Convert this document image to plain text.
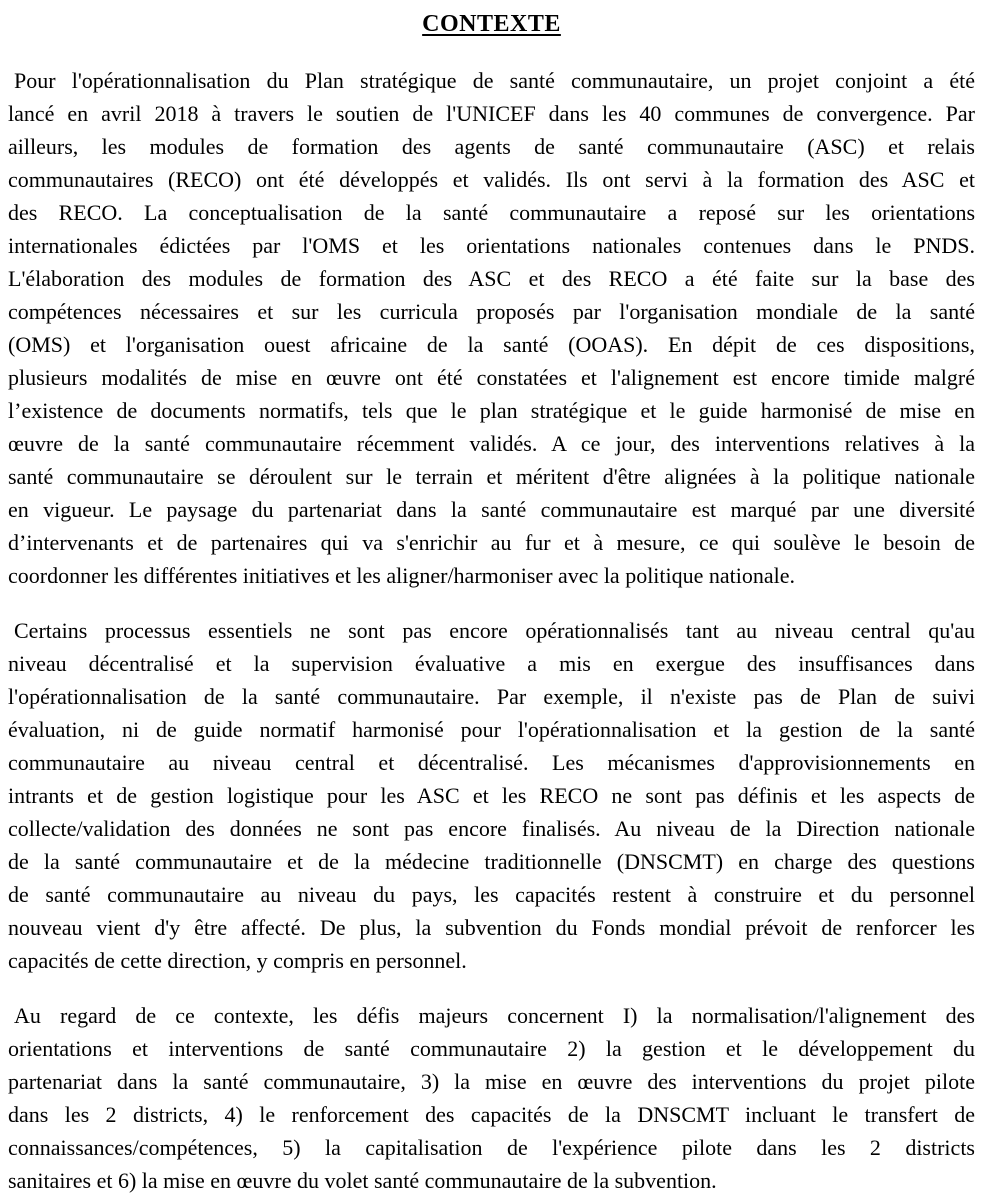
CONTEXTE
Pour l'opérationnalisation du Plan stratégique de santé communautaire, un projet conjoint a été
lancé en avril 2018 à travers le soutien de l'UNICEF dans les 40 communes de convergence. Par
ailleurs, les modules de formation des agents de santé communautaire (ASC) et relais
communautaires (RECO) ont été développés et validés. Ils ont servi à la formation des ASC et
des RECO. La conceptualisation de la santé communautaire a reposé sur les orientations
internationales édictées par l'OMS et les orientations nationales contenues dans le PNDS.
L'élaboration des modules de formation des ASC et des RECO a été faite sur la base des
compétences nécessaires et sur les curricula proposés par l'organisation mondiale de la santé
(OMS) et l'organisation ouest africaine de la santé (OOAS). En dépit de ces dispositions,
plusieurs modalités de mise en œuvre ont été constatées et l'alignement est encore timide malgré
l’existence de documents normatifs, tels que le plan stratégique et le guide harmonisé de mise en
œuvre de la santé communautaire récemment validés. A ce jour, des interventions relatives à la
santé communautaire se déroulent sur le terrain et méritent d'être alignées à la politique nationale
en vigueur. Le paysage du partenariat dans la santé communautaire est marqué par une diversité
d’intervenants et de partenaires qui va s'enrichir au fur et à mesure, ce qui soulève le besoin de
coordonner les différentes initiatives et les aligner/harmoniser avec la politique nationale.
Certains processus essentiels ne sont pas encore opérationnalisés tant au niveau central qu'au
niveau décentralisé et la supervision évaluative a mis en exergue des insuffisances dans
l'opérationnalisation de la santé communautaire. Par exemple, il n'existe pas de Plan de suivi
évaluation, ni de guide normatif harmonisé pour l'opérationnalisation et la gestion de la santé
communautaire au niveau central et décentralisé. Les mécanismes d'approvisionnements en
intrants et de gestion logistique pour les ASC et les RECO ne sont pas définis et les aspects de
collecte/validation des données ne sont pas encore finalisés. Au niveau de la Direction nationale
de la santé communautaire et de la médecine traditionnelle (DNSCMT) en charge des questions
de santé communautaire au niveau du pays, les capacités restent à construire et du personnel
nouveau vient d'y être affecté. De plus, la subvention du Fonds mondial prévoit de renforcer les
capacités de cette direction, y compris en personnel.
Au regard de ce contexte, les défis majeurs concernent I) la normalisation/l'alignement des
orientations et interventions de santé communautaire 2) la gestion et le développement du
partenariat dans la santé communautaire, 3) la mise en œuvre des interventions du projet pilote
dans les 2 districts, 4) le renforcement des capacités de la DNSCMT incluant le transfert de
connaissances/compétences, 5) la capitalisation de l'expérience pilote dans les 2 districts
sanitaires et 6) la mise en œuvre du volet santé communautaire de la subvention.
